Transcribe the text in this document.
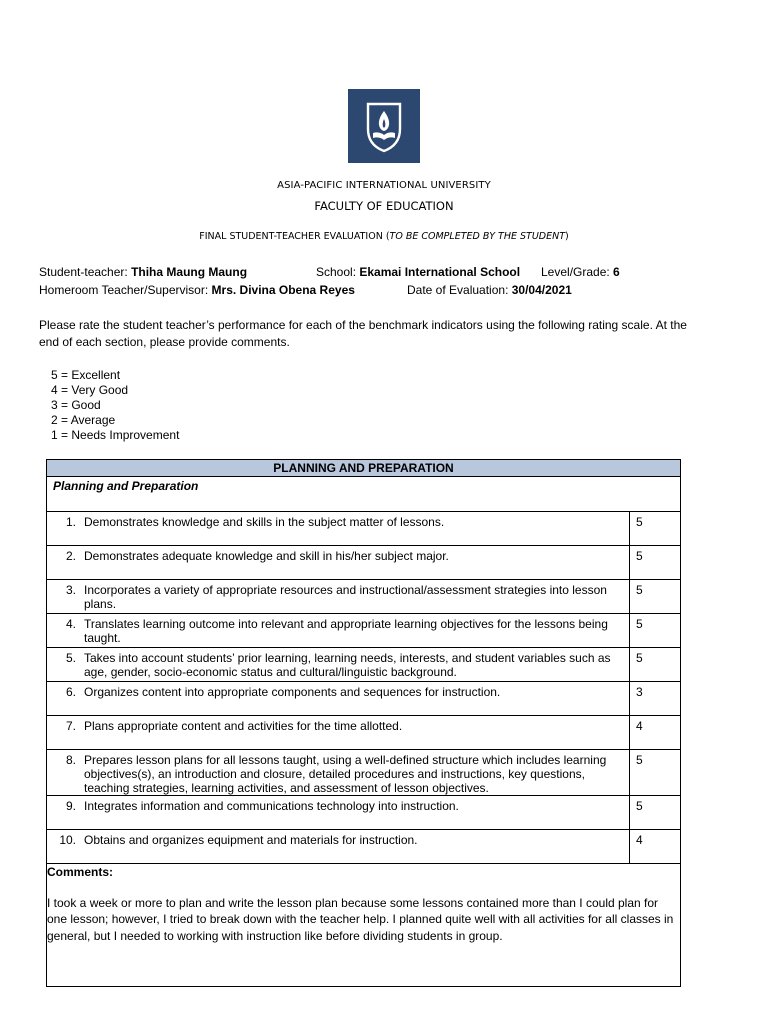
ASIA-PACIFIC INTERNATIONAL UNIVERSITY
FACULTY OF EDUCATION
FINAL STUDENT-TEACHER EVALUATION (TO BE COMPLETED BY THE STUDENT)
Student-teacher: Thiha Maung Maung	School: Ekamai International School Level/Grade: 6
Homeroom Teacher/Supervisor: Mrs. Divina Obena Reyes	Date of Evaluation: 30/04/2021
Please rate the student teacher’s performance for each of the benchmark indicators using the following rating scale. At the
end of each section, please provide comments.
5 = Excellent
4 = Very Good
3 = Good
2 = Average
1 = Needs Improvement
PLANNING AND PREPARATION	
Planning and Preparation	

1. Demonstrates knowledge and skills in the subject matter of lessons.	5

2. Demonstrates adequate knowledge and skill in his/her subject major.	5

3. Incorporates a variety of appropriate resources and instructional/assessment strategies into lesson plans.	5

4. Translates learning outcome into relevant and appropriate learning objectives for the lessons being taught.	5

5. Takes into account students’ prior learning, learning needs, interests, and student variables such as age, gender, socio-economic status and cultural/linguistic background.	5

6. Organizes content into appropriate components and sequences for instruction.	3

7. Plans appropriate content and activities for the time allotted.	4

8. Prepares lesson plans for all lessons taught, using a well-defined structure which includes learning objectives(s), an introduction and closure, detailed procedures and instructions, key questions, teaching strategies, learning activities, and assessment of lesson objectives.	5

9. Integrates information and communications technology into instruction.	5

10. Obtains and organizes equipment and materials for instruction.	4

Comments:
I took a week or more to plan and write the lesson plan because some lessons contained more than I could plan for one lesson; however, I tried to break down with the teacher help. I planned quite well with all activities for all classes in general, but I needed to working with instruction like before dividing students in group.	
